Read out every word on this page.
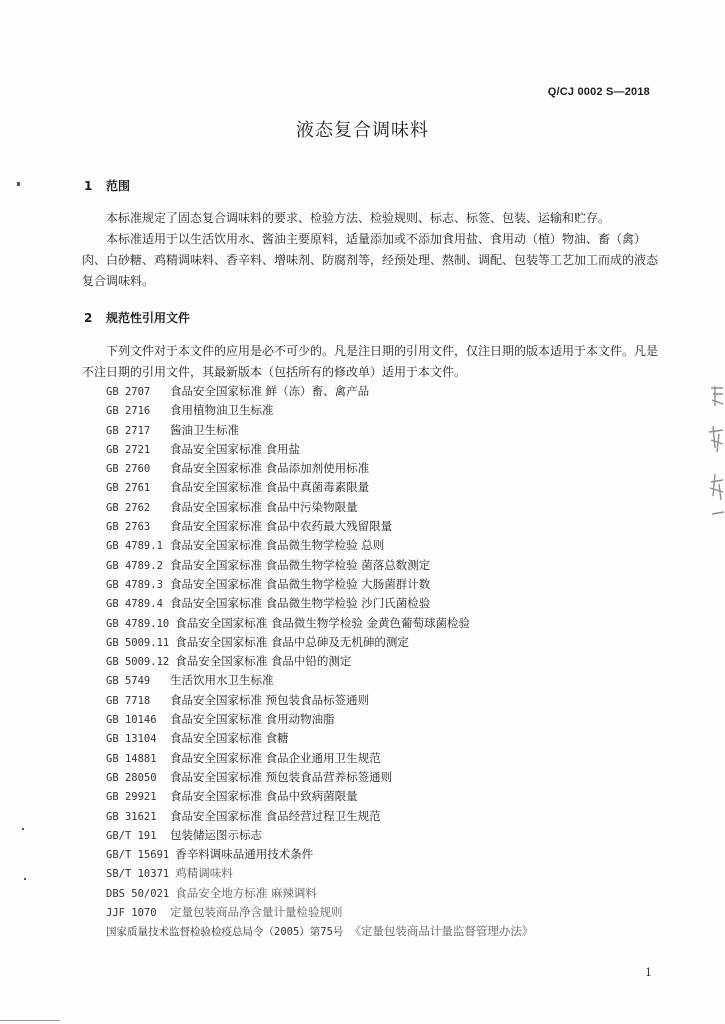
Q/CJ 0002 S—2018
液态复合调味料
1 范围

本标准规定了固态复合调味料的要求、检验方法、检验规则、标志、标签、包装、运输和贮存。

本标准适用于以生活饮用水、酱油主要原料，适量添加或不添加食用盐、食用动（植）物油、畜（禽）肉、白砂糖、鸡精调味料、香辛料、增味剂、防腐剂等，经预处理、熬制、调配、包装等工艺加工而成的液态复合调味料。

2 规范性引用文件

下列文件对于本文件的应用是必不可少的。凡是注日期的引用文件，仅注日期的版本适用于本文件。凡是不注日期的引用文件，其最新版本（包括所有的修改单）适用于本文件。

GB 2707 食品安全国家标准 鲜（冻）畜、禽产品
GB 2716 食用植物油卫生标准
GB 2717 酱油卫生标准
GB 2721 食品安全国家标准 食用盐
GB 2760 食品安全国家标准 食品添加剂使用标准
GB 2761 食品安全国家标准 食品中真菌毒素限量
GB 2762 食品安全国家标准 食品中污染物限量
GB 2763 食品安全国家标准 食品中农药最大残留限量
GB 4789.1 食品安全国家标准 食品微生物学检验 总则
GB 4789.2 食品安全国家标准 食品微生物学检验 菌落总数测定
GB 4789.3 食品安全国家标准 食品微生物学检验 大肠菌群计数
GB 4789.4 食品安全国家标准 食品微生物学检验 沙门氏菌检验
GB 4789.10 食品安全国家标准 食品微生物学检验 金黄色葡萄球菌检验
GB 5009.11 食品安全国家标准 食品中总砷及无机砷的测定
GB 5009.12 食品安全国家标准 食品中铅的测定
GB 5749 生活饮用水卫生标准
GB 7718 食品安全国家标准 预包装食品标签通则
GB 10146 食品安全国家标准 食用动物油脂
GB 13104 食品安全国家标准 食糖
GB 14881 食品安全国家标准 食品企业通用卫生规范
GB 28050 食品安全国家标准 预包装食品营养标签通则
GB 29921 食品安全国家标准 食品中致病菌限量
GB 31621 食品安全国家标准 食品经营过程卫生规范
GB/T 191 包装储运图示标志
GB/T 15691 香辛料调味品通用技术条件
SB/T 10371 鸡精调味料
DBS 50/021 食品安全地方标准 麻辣调料
JJF 1070 定量包装商品净含量计量检验规则
国家质量技术监督检验检疫总局令（2005）第75号 《定量包装商品计量监督管理办法》
1
